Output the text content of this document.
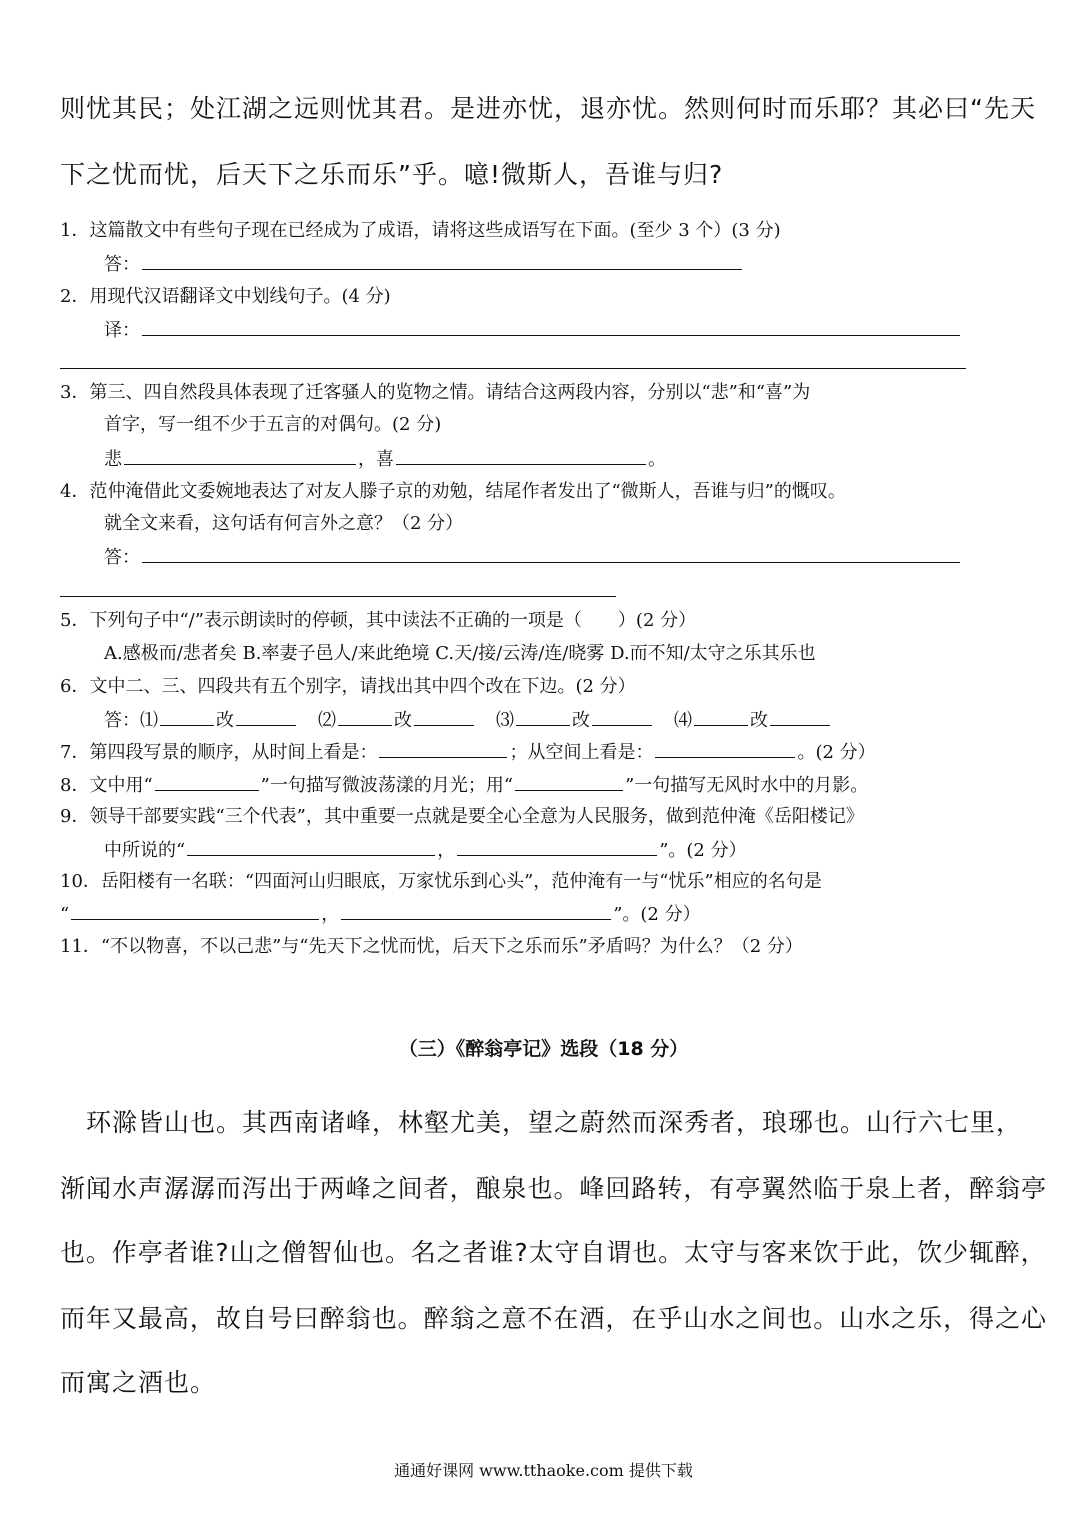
则忧其民；处江湖之远则忧其君。是进亦忧，退亦忧。然则何时而乐耶？其必曰“先天
下之忧而忧，后天下之乐而乐”乎。噫!微斯人，吾谁与归?
1．这篇散文中有些句子现在已经成为了成语，请将这些成语写在下面。(至少 3 个）(3 分)
答：
2．用现代汉语翻译文中划线句子。(4 分)
译：
3．第三、四自然段具体表现了迁客骚人的览物之情。请结合这两段内容，分别以“悲”和“喜”为
首字，写一组不少于五言的对偶句。(2 分)
悲	，喜	。
4．范仲淹借此文委婉地表达了对友人滕子京的劝勉，结尾作者发出了“微斯人，吾谁与归”的慨叹。
就全文来看，这句话有何言外之意？（2 分）
答：
5．下列句子中“/”表示朗读时的停顿，其中读法不正确的一项是（　　）(2 分）
A.感极而/悲者矣 B.率妻子邑人/来此绝境 C.天/接/云涛/连/晓雾 D.而不知/太守之乐其乐也
6．文中二、三、四段共有五个别字，请找出其中四个改在下边。(2 分）
答：⑴	改	⑵	改	⑶	改	⑷	改
7．第四段写景的顺序，从时间上看是：	；从空间上看是：	。(2 分）
8．文中用“	”一句描写微波荡漾的月光；用“	”一句描写无风时水中的月影。
9．领导干部要实践“三个代表”，其中重要一点就是要全心全意为人民服务，做到范仲淹《岳阳楼记》
中所说的“	，	”。(2 分）
10．岳阳楼有一名联：“四面河山归眼底，万家忧乐到心头”，范仲淹有一与“忧乐”相应的名句是
“	，	”。(2 分）
11．“不以物喜，不以己悲”与“先天下之忧而忧，后天下之乐而乐”矛盾吗？为什么？（2 分）
（三）《醉翁亭记》选段（18 分）
　环滁皆山也。其西南诸峰，林壑尤美，望之蔚然而深秀者，琅琊也。山行六七里，
渐闻水声潺潺而泻出于两峰之间者，酿泉也。峰回路转，有亭翼然临于泉上者，醉翁亭
也。作亭者谁?山之僧智仙也。名之者谁?太守自谓也。太守与客来饮于此，饮少辄醉，
而年又最高，故自号曰醉翁也。醉翁之意不在酒，在乎山水之间也。山水之乐，得之心
而寓之酒也。
通通好课网 www.tthaoke.com 提供下载
